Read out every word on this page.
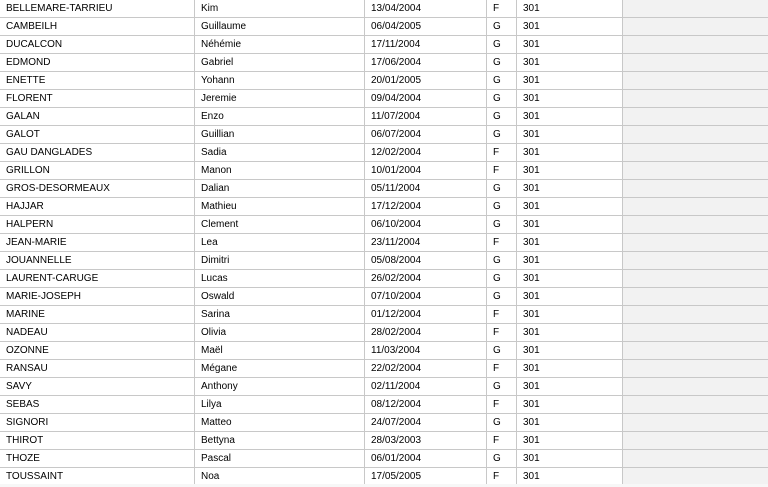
BELLEMARE-TARRIEU	Kim	13/04/2004	F	301
CAMBEILH	Guillaume	06/04/2005	G	301
DUCALCON	Néhémie	17/11/2004	G	301
EDMOND	Gabriel	17/06/2004	G	301
ENETTE	Yohann	20/01/2005	G	301
FLORENT	Jeremie	09/04/2004	G	301
GALAN	Enzo	11/07/2004	G	301
GALOT	Guillian	06/07/2004	G	301
GAU DANGLADES	Sadia	12/02/2004	F	301
GRILLON	Manon	10/01/2004	F	301
GROS-DESORMEAUX	Dalian	05/11/2004	G	301
HAJJAR	Mathieu	17/12/2004	G	301
HALPERN	Clement	06/10/2004	G	301
JEAN-MARIE	Lea	23/11/2004	F	301
JOUANNELLE	Dimitri	05/08/2004	G	301
LAURENT-CARUGE	Lucas	26/02/2004	G	301
MARIE-JOSEPH	Oswald	07/10/2004	G	301
MARINE	Sarina	01/12/2004	F	301
NADEAU	Olivia	28/02/2004	F	301
OZONNE	Maël	11/03/2004	G	301
RANSAU	Mégane	22/02/2004	F	301
SAVY	Anthony	02/11/2004	G	301
SEBAS	Lilya	08/12/2004	F	301
SIGNORI	Matteo	24/07/2004	G	301
THIROT	Bettyna	28/03/2003	F	301
THOZE	Pascal	06/01/2004	G	301
TOUSSAINT	Noa	17/05/2005	F	301
